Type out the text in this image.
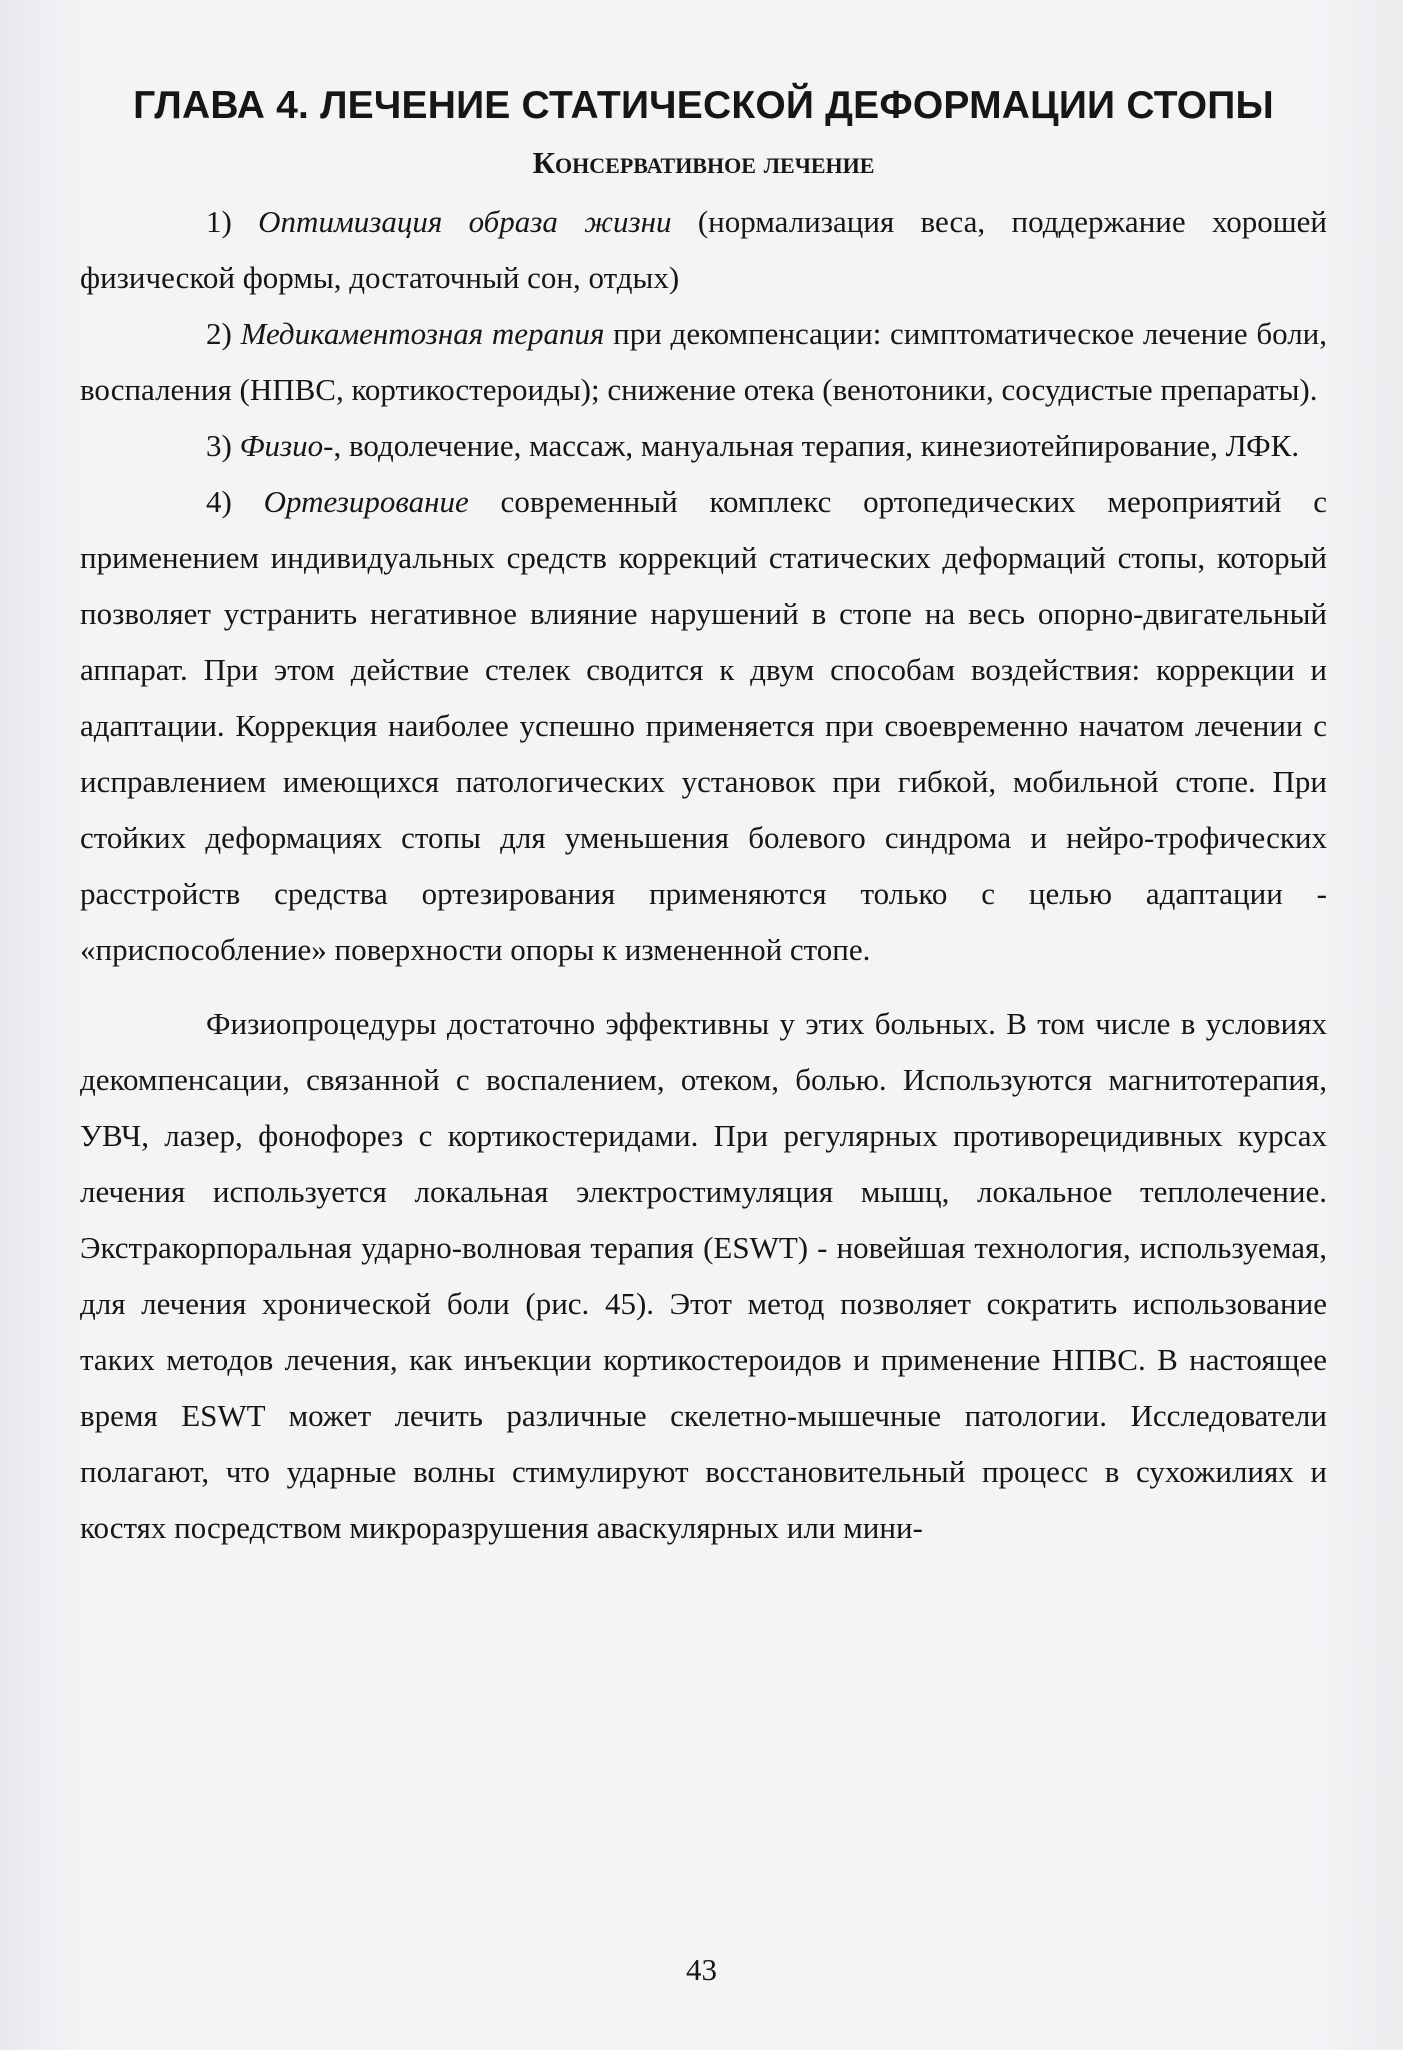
ГЛАВА 4. ЛЕЧЕНИЕ СТАТИЧЕСКОЙ ДЕФОРМАЦИИ СТОПЫ
Консервативное лечение

1) Оптимизация образа жизни (нормализация веса, поддержание хорошей физической формы, достаточный сон, отдых)

2) Медикаментозная терапия при декомпенсации: симптоматическое лечение боли, воспаления (НПВС, кортикостероиды); снижение отека (венотоники, сосудистые препараты).

3) Физио-, водолечение, массаж, мануальная терапия, кинезиотейпирование, ЛФК.

4) Ортезирование современный комплекс ортопедических мероприятий с применением индивидуальных средств коррекций статических деформаций стопы, который позволяет устранить негативное влияние нарушений в стопе на весь опорно-двигательный аппарат. При этом действие стелек сводится к двум способам воздействия: коррекции и адаптации. Коррекция наиболее успешно применяется при своевременно начатом лечении с исправлением имеющихся патологических установок при гибкой, мобильной стопе. При стойких деформациях стопы для уменьшения болевого синдрома и нейро-трофических расстройств средства ортезирования применяются только с целью адаптации - «приспособление» поверхности опоры к измененной стопе.

Физиопроцедуры достаточно эффективны у этих больных. В том числе в условиях декомпенсации, связанной с воспалением, отеком, болью. Используются магнитотерапия, УВЧ, лазер, фонофорез с кортикостеридами. При регулярных противорецидивных курсах лечения используется локальная электростимуляция мышц, локальное теплолечение. Экстракорпоральная ударно-волновая терапия (ESWT) - новейшая технология, используемая, для лечения хронической боли (рис. 45). Этот метод позволяет сократить использование таких методов лечения, как инъекции кортикостероидов и применение НПВС. В настоящее время ESWT может лечить различные скелетно-мышечные патологии. Исследователи полагают, что ударные волны стимулируют восстановительный процесс в сухожилиях и костях посредством микроразрушения аваскулярных или мини-

43
